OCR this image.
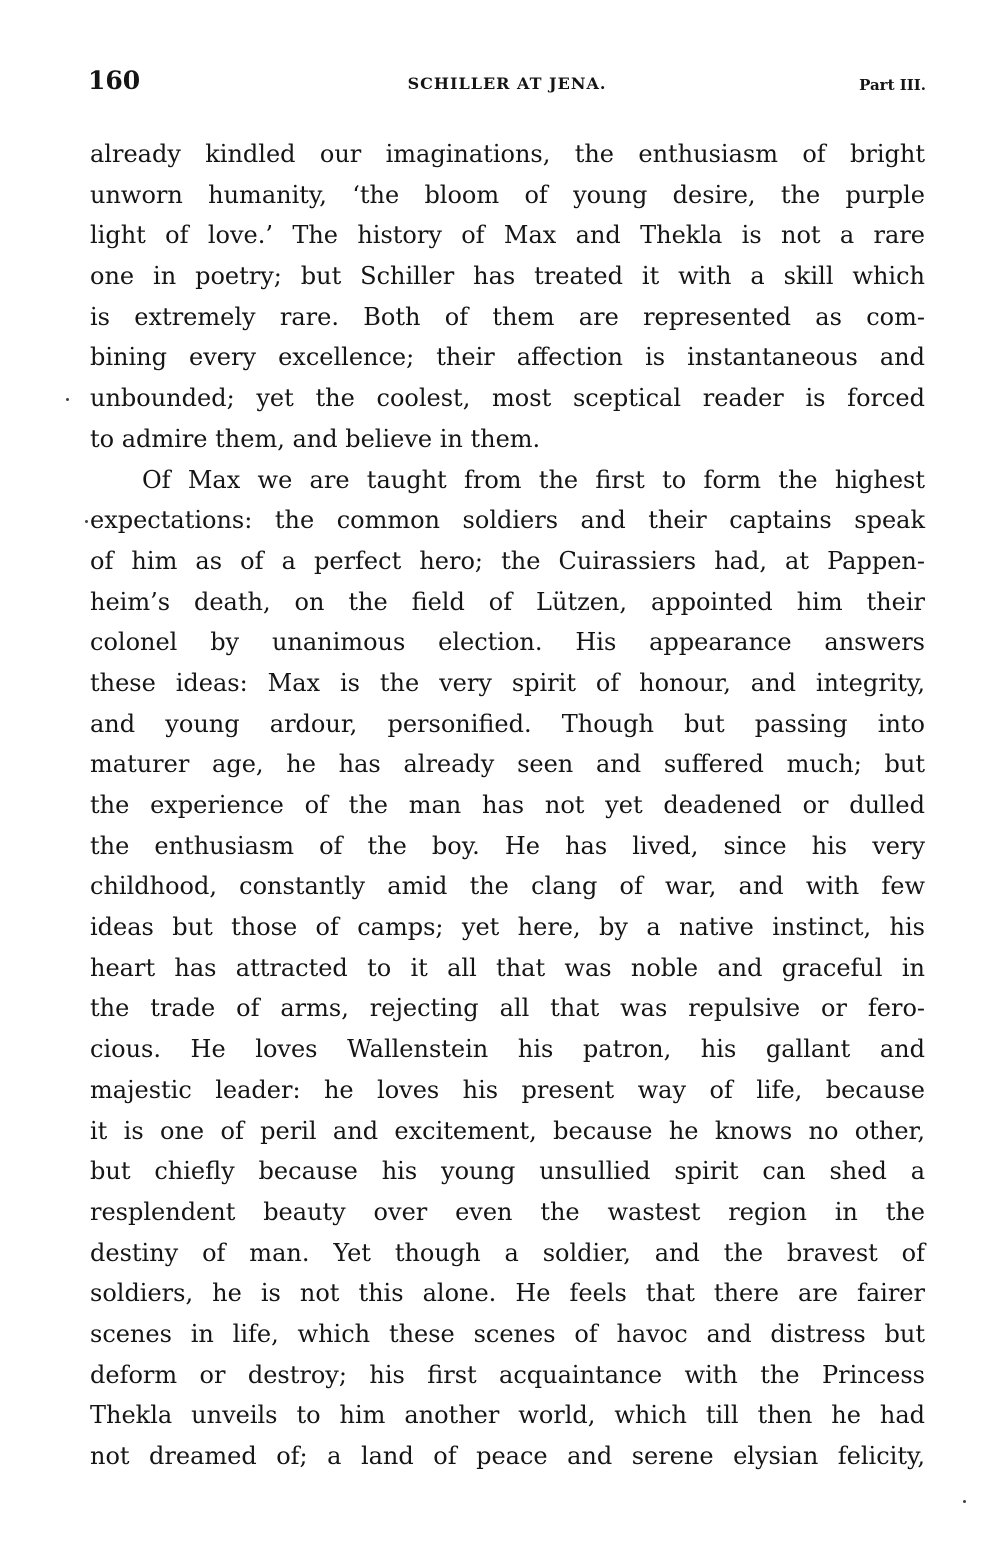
160	SCHILLER AT JENA.	Part III.
already kindled our imaginations, the enthusiasm of bright
unworn humanity, ‘the bloom of young desire, the purple
light of love.’ The history of Max and Thekla is not a rare
one in poetry; but Schiller has treated it with a skill which
is extremely rare. Both of them are represented as com-
bining every excellence; their affection is instantaneous and
unbounded; yet the coolest, most sceptical reader is forced
to admire them, and believe in them.
Of Max we are taught from the first to form the highest
expectations: the common soldiers and their captains speak
of him as of a perfect hero; the Cuirassiers had, at Pappen-
heim’s death, on the field of Lützen, appointed him their
colonel by unanimous election. His appearance answers
these ideas: Max is the very spirit of honour, and integrity,
and young ardour, personified. Though but passing into
maturer age, he has already seen and suffered much; but
the experience of the man has not yet deadened or dulled
the enthusiasm of the boy. He has lived, since his very
childhood, constantly amid the clang of war, and with few
ideas but those of camps; yet here, by a native instinct, his
heart has attracted to it all that was noble and graceful in
the trade of arms, rejecting all that was repulsive or fero-
cious. He loves Wallenstein his patron, his gallant and
majestic leader: he loves his present way of life, because
it is one of peril and excitement, because he knows no other,
but chiefly because his young unsullied spirit can shed a
resplendent beauty over even the wastest region in the
destiny of man. Yet though a soldier, and the bravest of
soldiers, he is not this alone. He feels that there are fairer
scenes in life, which these scenes of havoc and distress but
deform or destroy; his first acquaintance with the Princess
Thekla unveils to him another world, which till then he had
not dreamed of; a land of peace and serene elysian felicity,
